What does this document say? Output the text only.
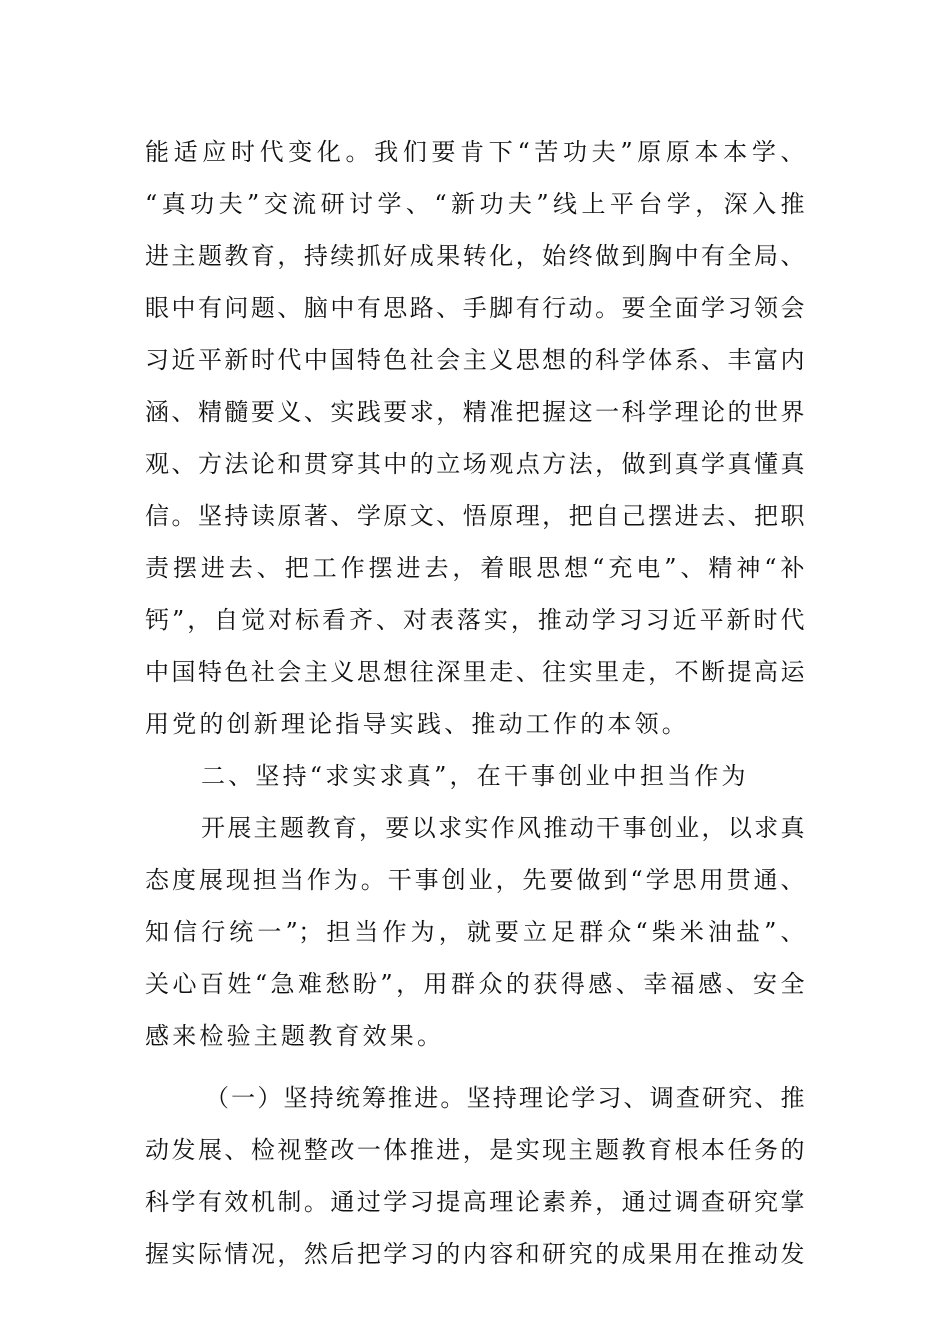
能适应时代变化。我们要肯下“苦功夫”原原本本学、
“真功夫”交流研讨学、“新功夫”线上平台学，深入推
进主题教育，持续抓好成果转化，始终做到胸中有全局、
眼中有问题、脑中有思路、手脚有行动。要全面学习领会
习近平新时代中国特色社会主义思想的科学体系、丰富内
涵、精髓要义、实践要求，精准把握这一科学理论的世界
观、方法论和贯穿其中的立场观点方法，做到真学真懂真
信。坚持读原著、学原文、悟原理，把自己摆进去、把职
责摆进去、把工作摆进去，着眼思想“充电”、精神“补
钙”，自觉对标看齐、对表落实，推动学习习近平新时代
中国特色社会主义思想往深里走、往实里走，不断提高运
用党的创新理论指导实践、推动工作的本领。
二、坚持“求实求真”，在干事创业中担当作为
开展主题教育，要以求实作风推动干事创业，以求真
态度展现担当作为。干事创业，先要做到“学思用贯通、
知信行统一”；担当作为，就要立足群众“柴米油盐”、
关心百姓“急难愁盼”，用群众的获得感、幸福感、安全
感来检验主题教育效果。
（一）坚持统筹推进。坚持理论学习、调查研究、推
动发展、检视整改一体推进，是实现主题教育根本任务的
科学有效机制。通过学习提高理论素养，通过调查研究掌
握实际情况，然后把学习的内容和研究的成果用在推动发
